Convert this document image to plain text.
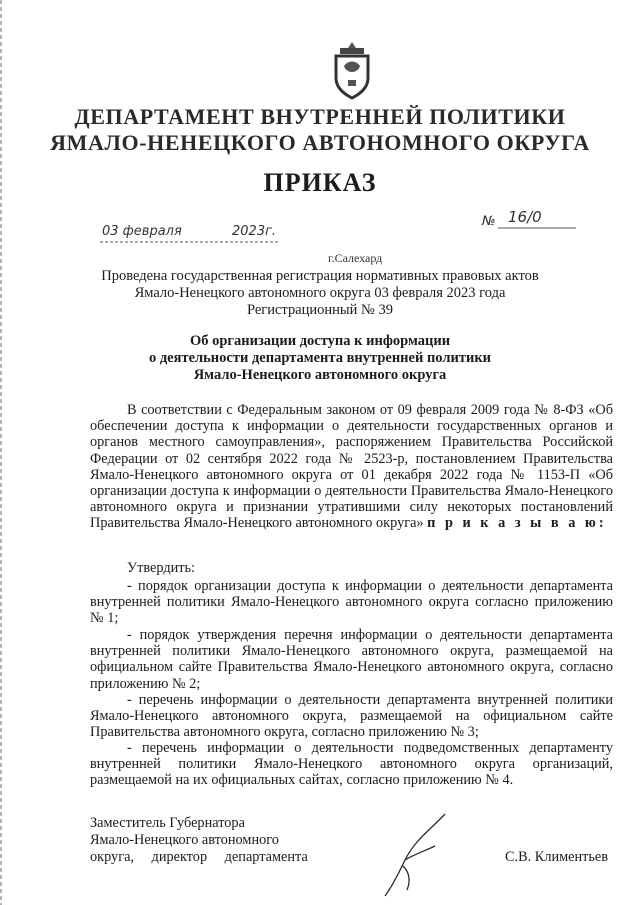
ДЕПАРТАМЕНТ ВНУТРЕННЕЙ ПОЛИТИКИ
ЯМАЛО-НЕНЕЦКОГО АВТОНОМНОГО ОКРУГА
ПРИКАЗ
03 февраля	2023г.
№ 16/0
г.Салехард
Проведена государственная регистрация нормативных правовых актов
Ямало-Ненецкого автономного округа 03 февраля 2023 года
Регистрационный № 39
Об организации доступа к информации
о деятельности департамента внутренней политики
Ямало-Ненецкого автономного округа
В соответствии с Федеральным законом от 09 февраля 2009 года № 8-ФЗ «Об обеспечении доступа к информации о деятельности государственных органов и органов местного самоуправления», распоряжением Правительства Российской Федерации от 02 сентября 2022 года № 2523-р, постановлением Правительства Ямало-Ненецкого автономного округа от 01 декабря 2022 года № 1153-П «Об организации доступа к информации о деятельности Правительства Ямало-Ненецкого автономного округа и признании утратившими силу некоторых постановлений Правительства Ямало-Ненецкого автономного округа» п р и к а з ы в а ю:
Утвердить:
- порядок организации доступа к информации о деятельности департамента внутренней политики Ямало-Ненецкого автономного округа согласно приложению № 1;
- порядок утверждения перечня информации о деятельности департамента внутренней политики Ямало-Ненецкого автономного округа, размещаемой на официальном сайте Правительства Ямало-Ненецкого автономного округа, согласно приложению № 2;
- перечень информации о деятельности департамента внутренней политики Ямало-Ненецкого автономного округа, размещаемой на официальном сайте Правительства автономного округа, согласно приложению № 3;
- перечень информации о деятельности подведомственных департаменту внутренней политики Ямало-Ненецкого автономного округа организаций, размещаемой на их официальных сайтах, согласно приложению № 4.
Заместитель Губернатора
Ямало-Ненецкого автономного
округа, директор департамента	С.В. Климентьев
